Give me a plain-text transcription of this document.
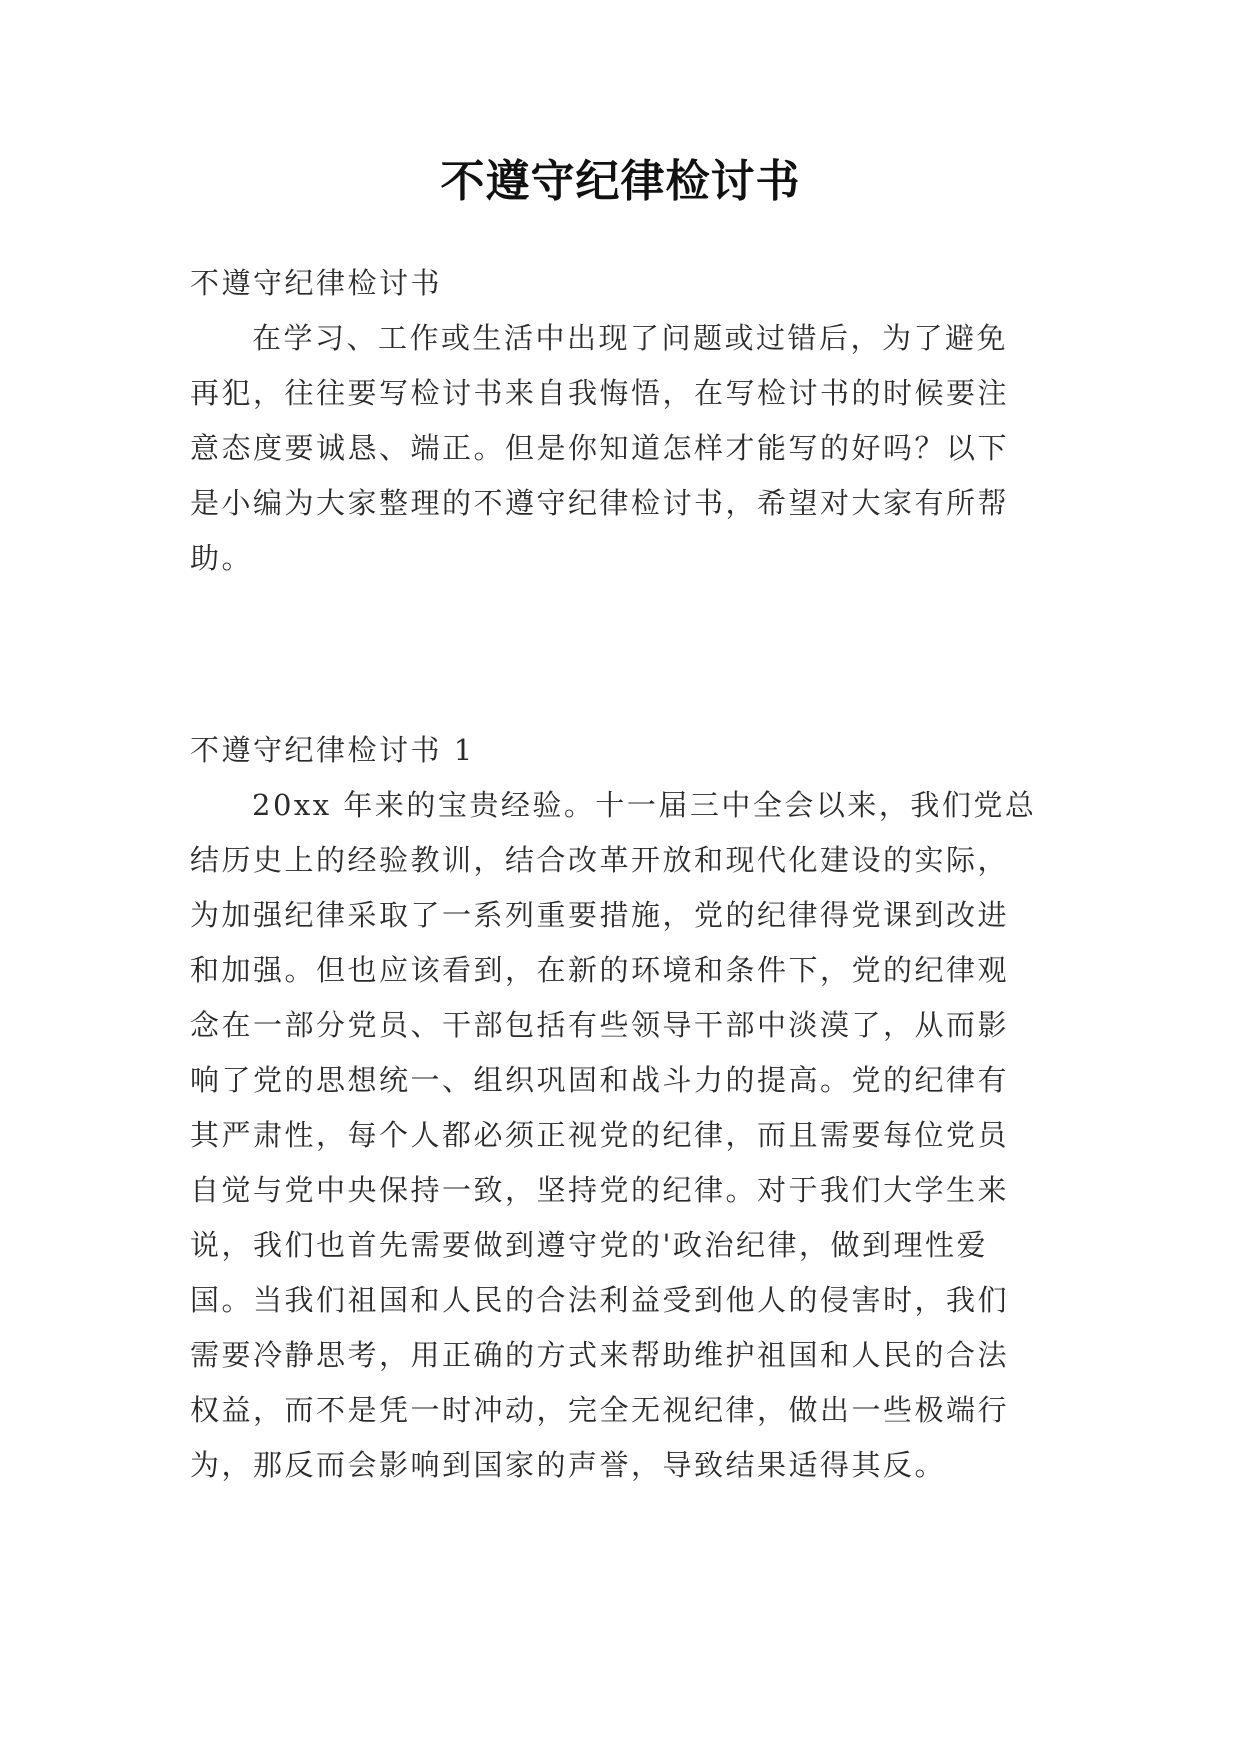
不遵守纪律检讨书
不遵守纪律检讨书
在学习、工作或生活中出现了问题或过错后，为了避免
再犯，往往要写检讨书来自我悔悟，在写检讨书的时候要注
意态度要诚恳、端正。但是你知道怎样才能写的好吗？以下
是小编为大家整理的不遵守纪律检讨书，希望对大家有所帮
助。
不遵守纪律检讨书 1
20xx 年来的宝贵经验。十一届三中全会以来，我们党总
结历史上的经验教训，结合改革开放和现代化建设的实际，
为加强纪律采取了一系列重要措施，党的纪律得党课到改进
和加强。但也应该看到，在新的环境和条件下，党的纪律观
念在一部分党员、干部包括有些领导干部中淡漠了，从而影
响了党的思想统一、组织巩固和战斗力的提高。党的纪律有
其严肃性，每个人都必须正视党的纪律，而且需要每位党员
自觉与党中央保持一致，坚持党的纪律。对于我们大学生来
说，我们也首先需要做到遵守党的'政治纪律，做到理性爱
国。当我们祖国和人民的合法利益受到他人的侵害时，我们
需要冷静思考，用正确的方式来帮助维护祖国和人民的合法
权益，而不是凭一时冲动，完全无视纪律，做出一些极端行
为，那反而会影响到国家的声誉，导致结果适得其反。
